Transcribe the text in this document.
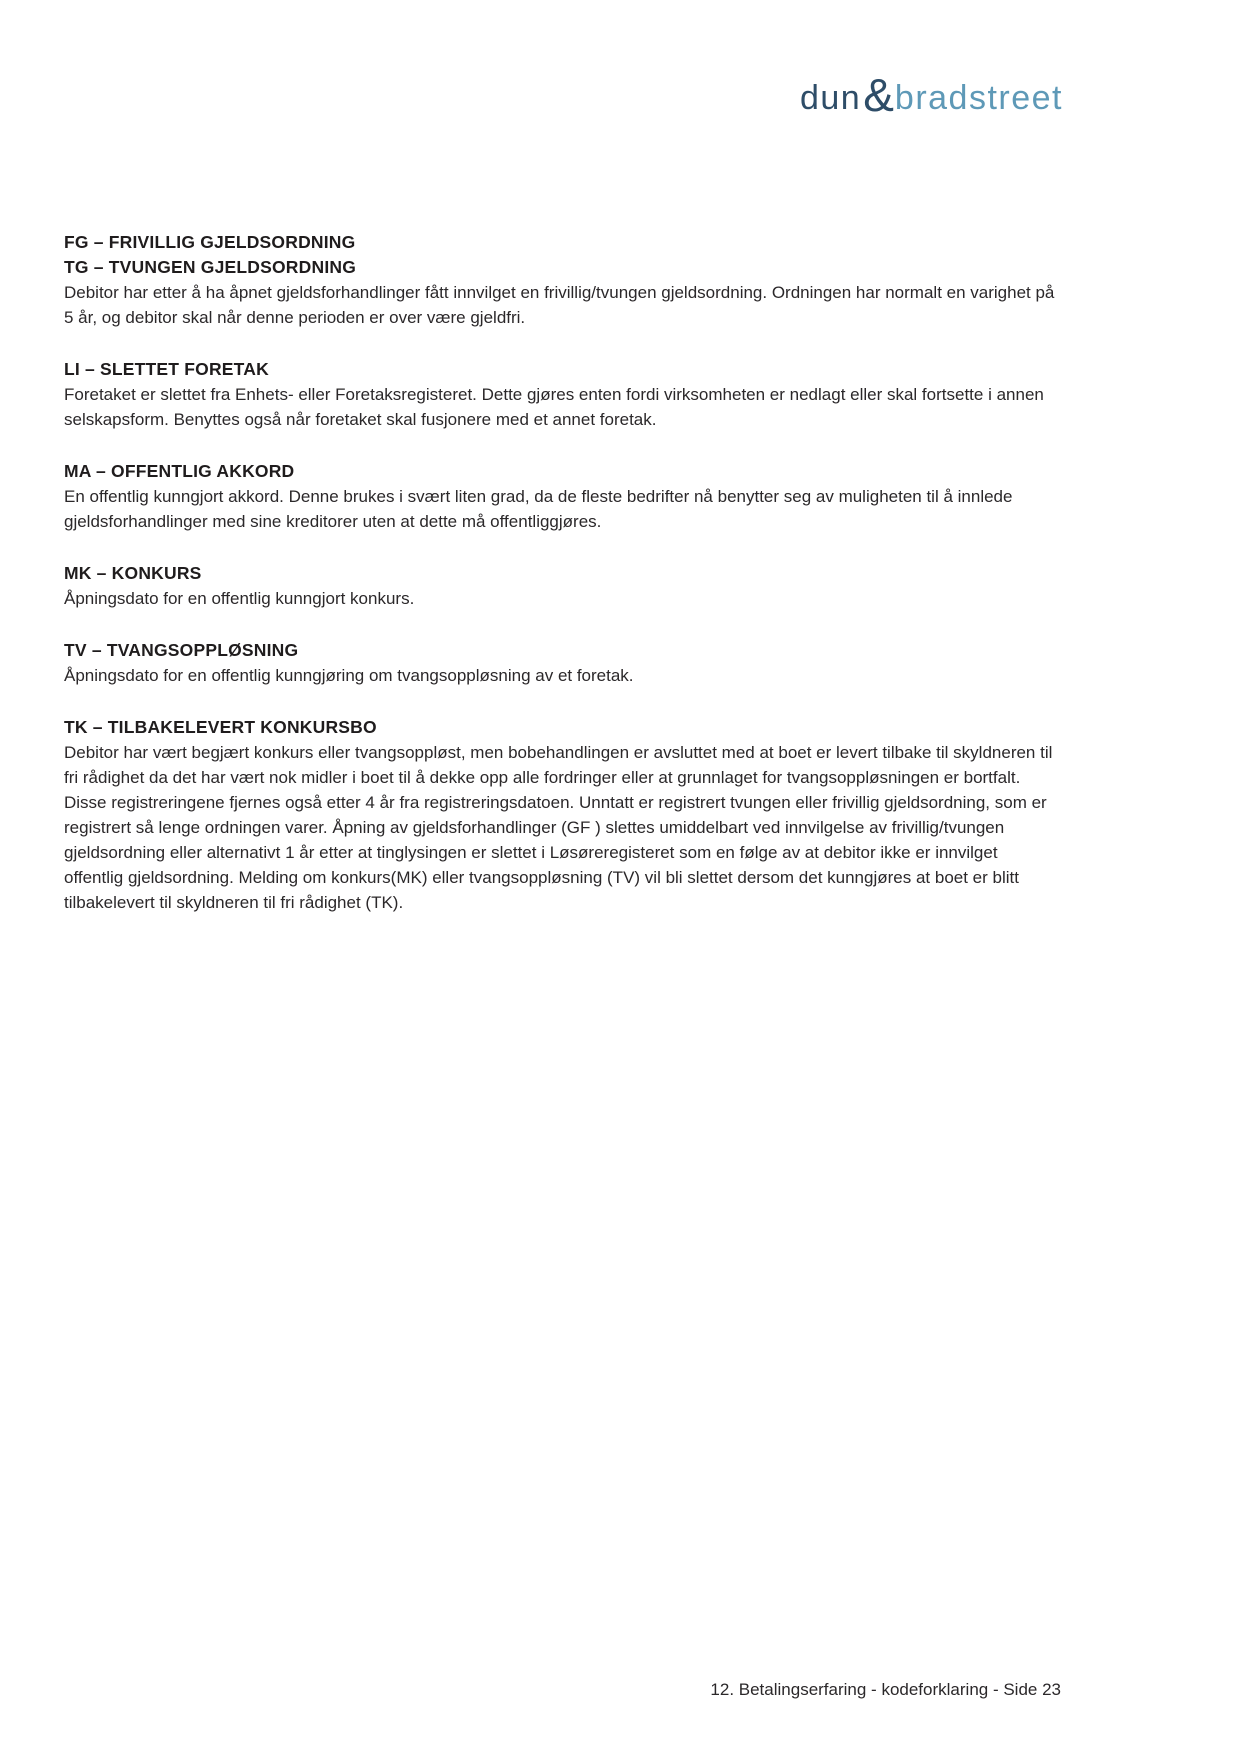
dun & bradstreet
FG – FRIVILLIG GJELDSORDNING
TG – TVUNGEN GJELDSORDNING
Debitor har etter å ha åpnet gjeldsforhandlinger fått innvilget en frivillig/tvungen gjeldsordning. Ordningen har normalt en varighet på 5 år, og debitor skal når denne perioden er over være gjeldfri.
LI – SLETTET FORETAK
Foretaket er slettet fra Enhets- eller Foretaksregisteret. Dette gjøres enten fordi virksomheten er nedlagt eller skal fortsette i annen selskapsform. Benyttes også når foretaket skal fusjonere med et annet foretak.
MA – OFFENTLIG AKKORD
En offentlig kunngjort akkord. Denne brukes i svært liten grad, da de fleste bedrifter nå benytter seg av muligheten til å innlede gjeldsforhandlinger med sine kreditorer uten at dette må offentliggjøres.
MK – KONKURS
Åpningsdato for en offentlig kunngjort konkurs.
TV – TVANGSOPPLØSNING
Åpningsdato for en offentlig kunngjøring om tvangsoppløsning av et foretak.
TK – TILBAKELEVERT KONKURSBO
Debitor har vært begjært konkurs eller tvangsoppløst, men bobehandlingen er avsluttet med at boet er levert tilbake til skyldneren til fri rådighet da det har vært nok midler i boet til å dekke opp alle fordringer eller at grunnlaget for tvangsoppløsningen er bortfalt. Disse registreringene fjernes også etter 4 år fra registreringsdatoen. Unntatt er registrert tvungen eller frivillig gjeldsordning, som er registrert så lenge ordningen varer. Åpning av gjeldsforhandlinger (GF ) slettes umiddelbart ved innvilgelse av frivillig/tvungen gjeldsordning eller alternativt 1 år etter at tinglysingen er slettet i Løsøreregisteret som en følge av at debitor ikke er innvilget offentlig gjeldsordning. Melding om konkurs(MK) eller tvangsoppløsning (TV) vil bli slettet dersom det kunngjøres at boet er blitt tilbakelevert til skyldneren til fri rådighet (TK).
12. Betalingserfaring - kodeforklaring - Side 23
